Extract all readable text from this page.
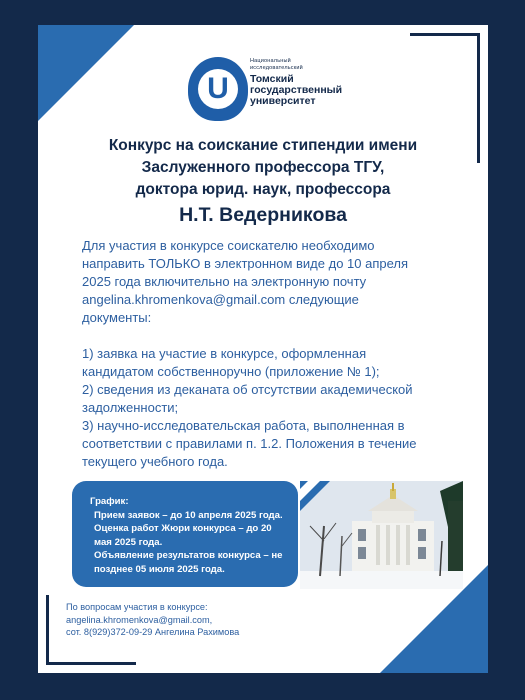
U
Национальный
исследовательский
Томский
государственный
университет
Конкурс на соискание стипендии имени
Заслуженного профессора ТГУ,
доктора юрид. наук, профессора
Н.Т. Ведерникова

Для участия в конкурсе соискателю необходимо

направить ТОЛЬКО в электронном виде до 10 апреля

2025 года включительно на электронную почту

angelina.khromenkova@gmail.com следующие

документы:

1) заявка на участие в конкурсе, оформленная

кандидатом собственноручно (приложение № 1);

2) сведения из деканата об отсутствии академической

задолженности;

3) научно-исследовательская работа, выполненная в

соответствии с правилами п. 1.2. Положения в течение

текущего учебного года.

График:
Прием заявок – до 10 апреля 2025 года.
Оценка работ Жюри конкурса – до 20
мая 2025 года.
Объявление результатов конкурса – не
позднее 05 июля 2025 года.
По вопросам участия в конкурсе:
angelina.khromenkova@gmail.com,
сот. 8(929)372-09-29 Ангелина Рахимова
